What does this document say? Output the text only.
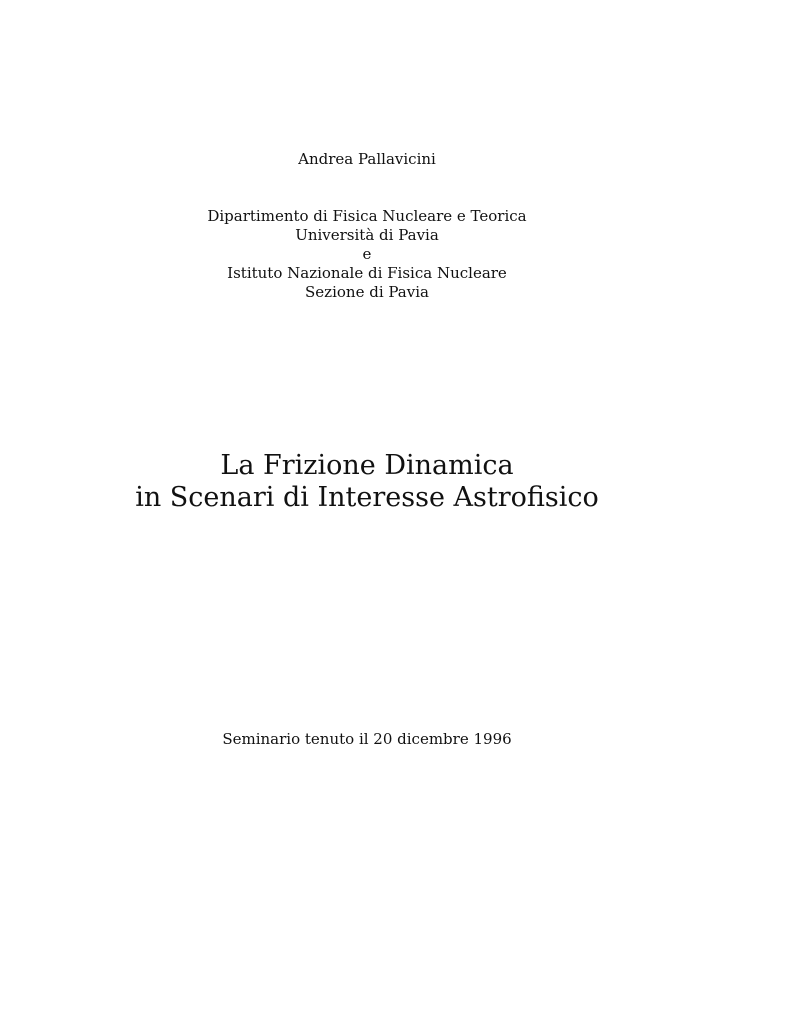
Andrea Pallavicini
Dipartimento di Fisica Nucleare e Teorica
Università di Pavia
e
Istituto Nazionale di Fisica Nucleare
Sezione di Pavia
La Frizione Dinamica
in Scenari di Interesse Astrofisico
Seminario tenuto il 20 dicembre 1996
